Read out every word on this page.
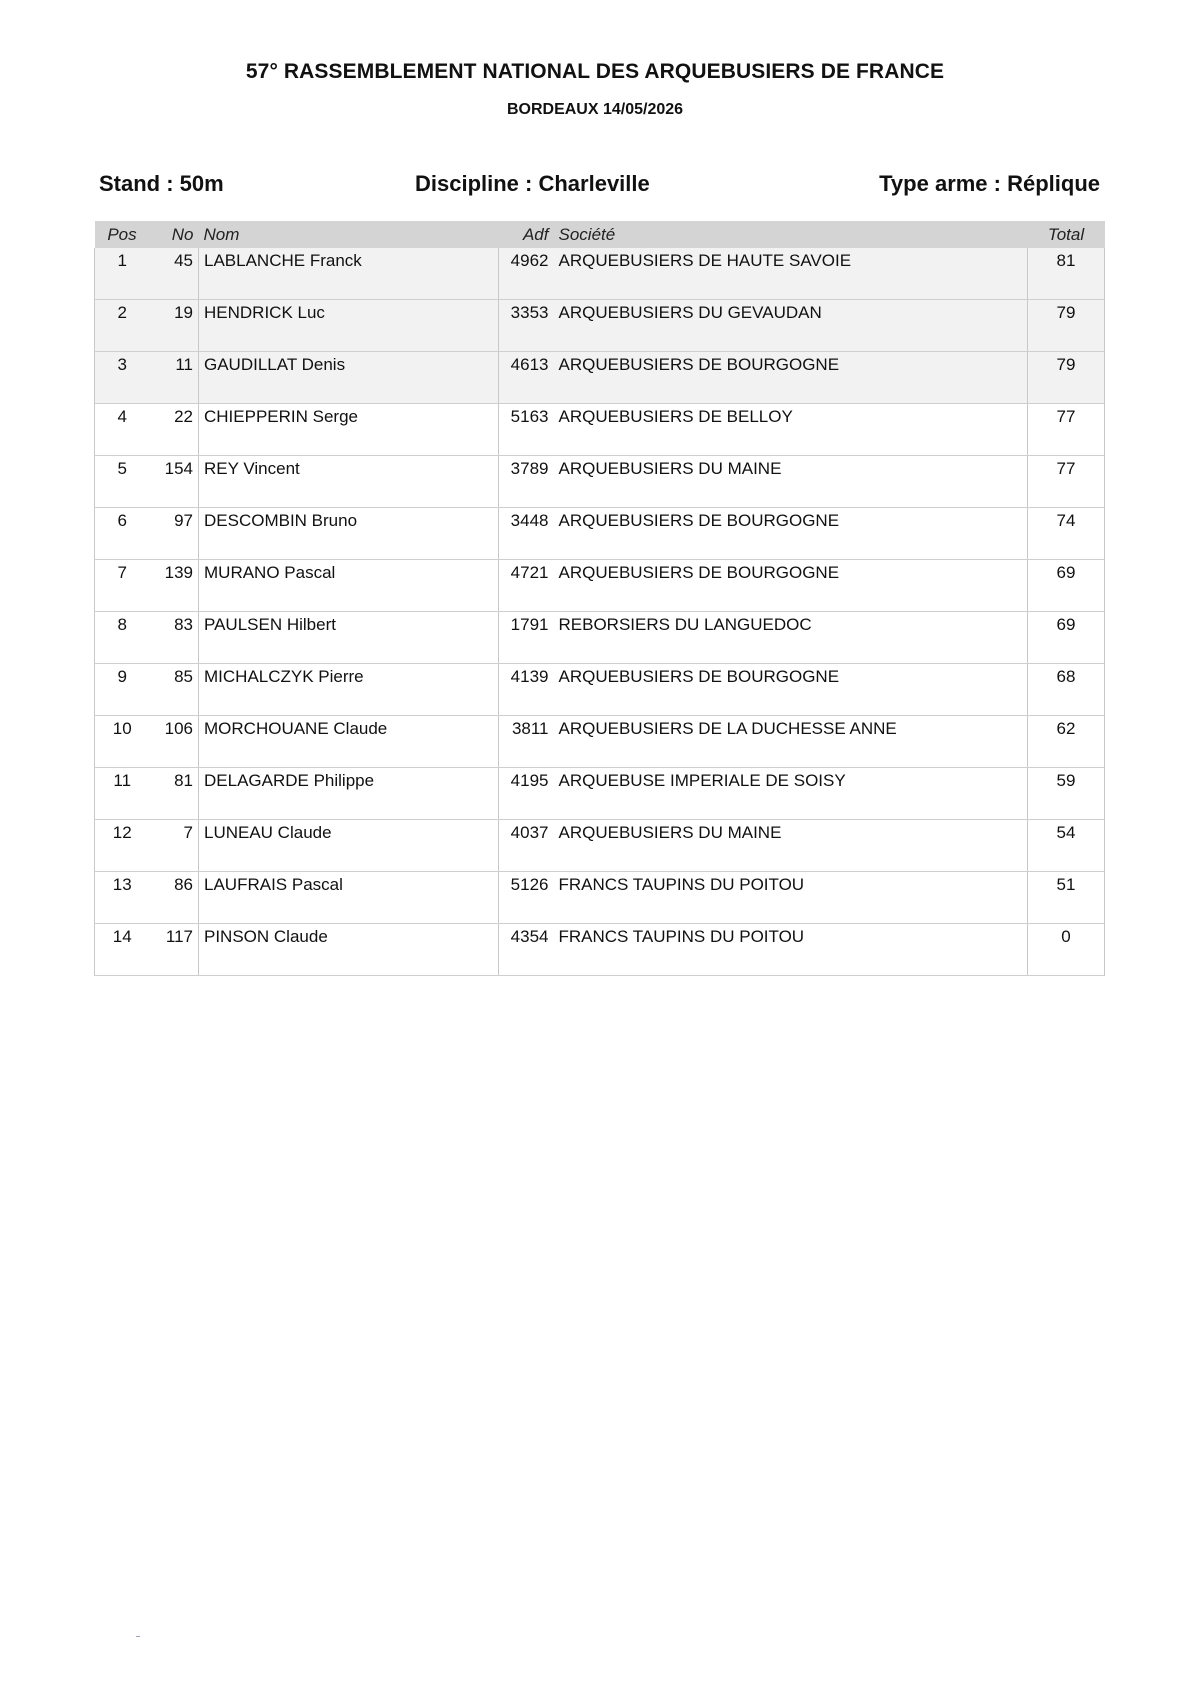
57° RASSEMBLEMENT NATIONAL DES ARQUEBUSIERS DE FRANCE
BORDEAUX 14/05/2026
Stand : 50m	Discipline : Charleville	Type arme : Réplique
Pos	No	Nom	Adf	Société	Total
1	45	LABLANCHE Franck	4962	ARQUEBUSIERS DE HAUTE SAVOIE	81
2	19	HENDRICK Luc	3353	ARQUEBUSIERS DU GEVAUDAN	79
3	11	GAUDILLAT Denis	4613	ARQUEBUSIERS DE BOURGOGNE	79
4	22	CHIEPPERIN Serge	5163	ARQUEBUSIERS DE BELLOY	77
5	154	REY Vincent	3789	ARQUEBUSIERS DU MAINE	77
6	97	DESCOMBIN Bruno	3448	ARQUEBUSIERS DE BOURGOGNE	74
7	139	MURANO Pascal	4721	ARQUEBUSIERS DE BOURGOGNE	69
8	83	PAULSEN Hilbert	1791	REBORSIERS DU LANGUEDOC	69
9	85	MICHALCZYK Pierre	4139	ARQUEBUSIERS DE BOURGOGNE	68
10	106	MORCHOUANE Claude	3811	ARQUEBUSIERS DE LA DUCHESSE ANNE	62
11	81	DELAGARDE Philippe	4195	ARQUEBUSE IMPERIALE DE SOISY	59
12	7	LUNEAU Claude	4037	ARQUEBUSIERS DU MAINE	54
13	86	LAUFRAIS Pascal	5126	FRANCS TAUPINS DU POITOU	51
14	117	PINSON Claude	4354	FRANCS TAUPINS DU POITOU	0
